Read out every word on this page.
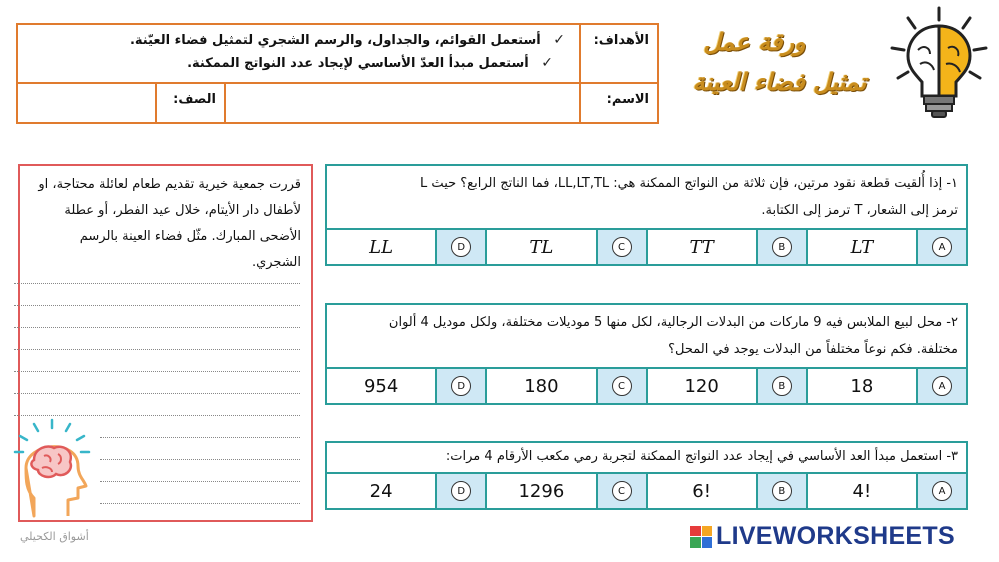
الأهداف:
✓ أستعمل القوائم، والجداول، والرسم الشجري لتمثيل فضاء العيّنة.
✓ أستعمل مبدأ العدّ الأساسي لإيجاد عدد النواتج الممكنة.
الاسم:
الصف:
ورقة عمل
تمثيل فضاء العينة
١- إذا أُلقيت قطعة نقود مرتين، فإن ثلاثة من النواتج الممكنة هي: LL,LT,TL، فما الناتج الرابع؟ حيث L
ترمز إلى الشعار، T ترمز إلى الكتابة.
A
LT
B
TT
C
TL
D
LL
٢- محل لبيع الملابس فيه 9 ماركات من البدلات الرجالية، لكل منها 5 موديلات مختلفة، ولكل موديل 4 ألوان
مختلفة. فكم نوعاً مختلفاً من البدلات يوجد في المحل؟
A
18
B
120
C
180
D
954
٣- استعمل مبدأ العد الأساسي في إيجاد عدد النواتج الممكنة لتجربة رمي مكعب الأرقام 4 مرات:
A
4!
B
6!
C
1296
D
24
قررت جمعية خيرية تقديم طعام لعائلة محتاجة، او لأطفال دار الأيتام، خلال عيد الفطر، أو عطلة الأضحى المبارك. مثّل فضاء العينة بالرسم الشجري.
أشواق الكحيلي	LIVEWORKSHEETS
